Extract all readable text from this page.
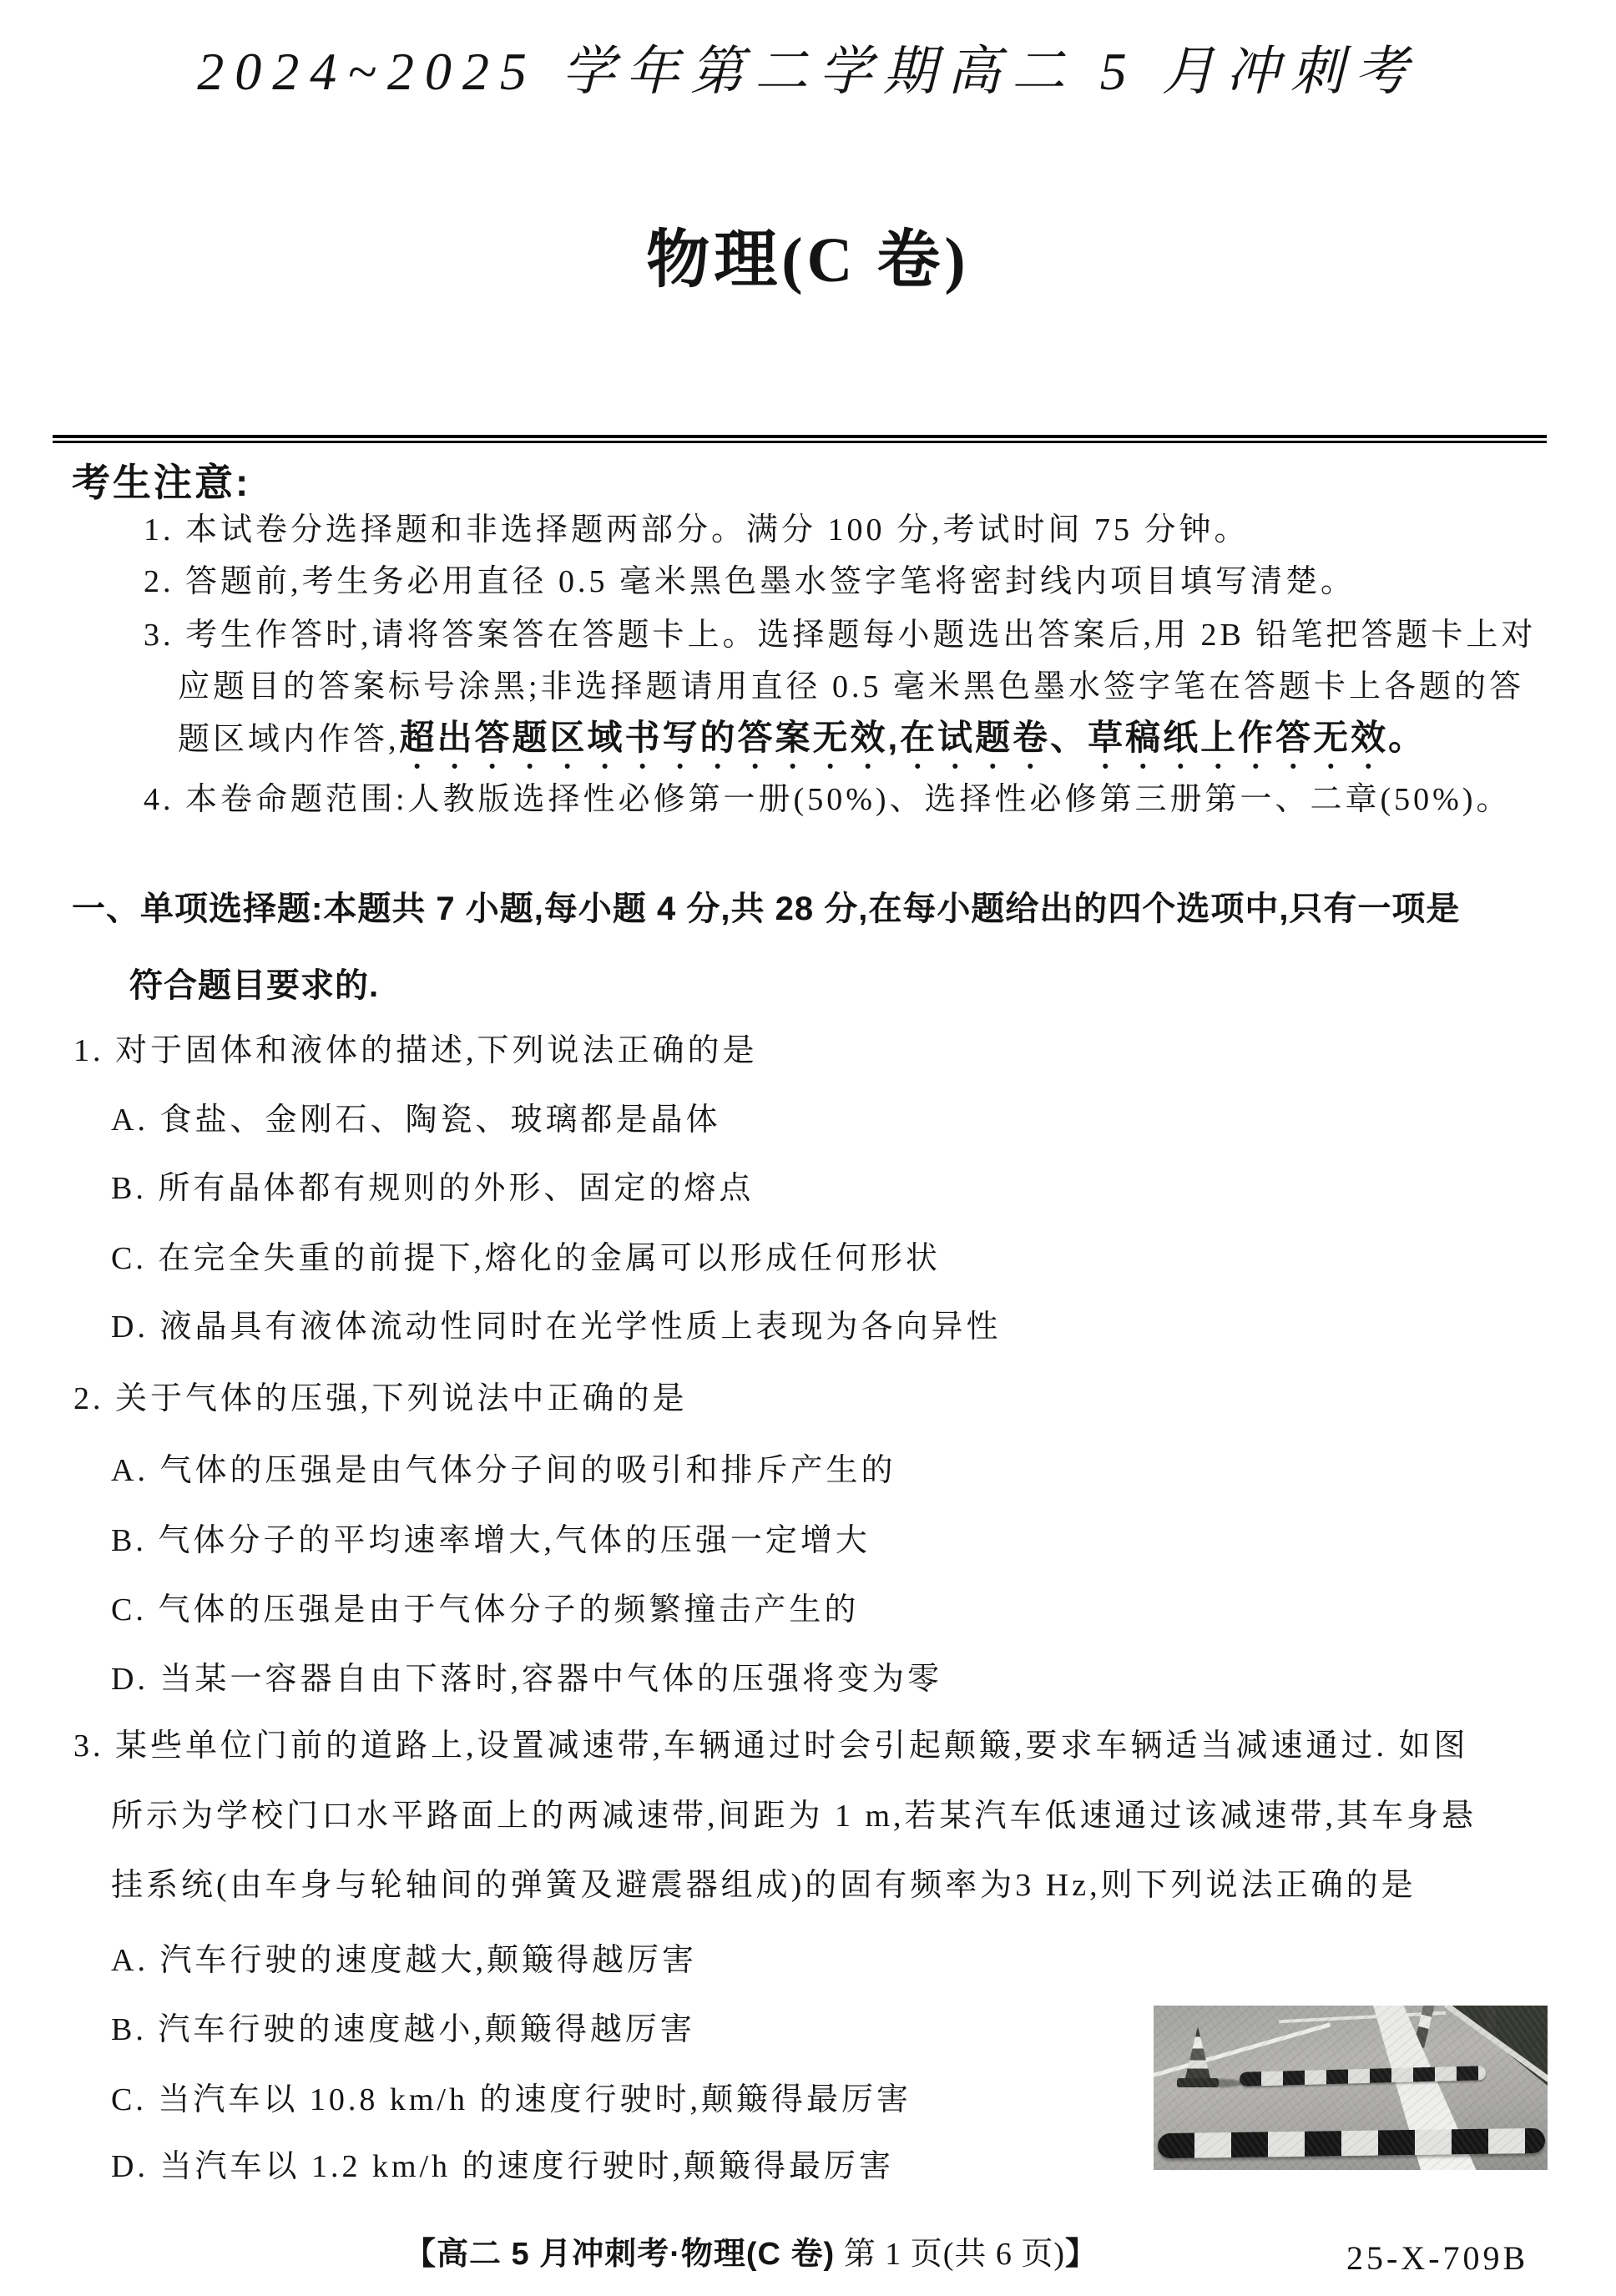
2024~2025 学年第二学期高二 5 月冲刺考
物理(C 卷)
考生注意:
1. 本试卷分选择题和非选择题两部分。满分 100 分,考试时间 75 分钟。
2. 答题前,考生务必用直径 0.5 毫米黑色墨水签字笔将密封线内项目填写清楚。
3. 考生作答时,请将答案答在答题卡上。选择题每小题选出答案后,用 2B 铅笔把答题卡上对
应题目的答案标号涂黑;非选择题请用直径 0.5 毫米黑色墨水签字笔在答题卡上各题的答
题区域内作答,超出答题区域书写的答案无效,在试题卷、草稿纸上作答无效。
4. 本卷命题范围:人教版选择性必修第一册(50%)、选择性必修第三册第一、二章(50%)。
一、单项选择题:本题共 7 小题,每小题 4 分,共 28 分,在每小题给出的四个选项中,只有一项是
符合题目要求的.
1. 对于固体和液体的描述,下列说法正确的是
A. 食盐、金刚石、陶瓷、玻璃都是晶体
B. 所有晶体都有规则的外形、固定的熔点
C. 在完全失重的前提下,熔化的金属可以形成任何形状
D. 液晶具有液体流动性同时在光学性质上表现为各向异性
2. 关于气体的压强,下列说法中正确的是
A. 气体的压强是由气体分子间的吸引和排斥产生的
B. 气体分子的平均速率增大,气体的压强一定增大
C. 气体的压强是由于气体分子的频繁撞击产生的
D. 当某一容器自由下落时,容器中气体的压强将变为零
3. 某些单位门前的道路上,设置减速带,车辆通过时会引起颠簸,要求车辆适当减速通过. 如图
所示为学校门口水平路面上的两减速带,间距为 1 m,若某汽车低速通过该减速带,其车身悬
挂系统(由车身与轮轴间的弹簧及避震器组成)的固有频率为3 Hz,则下列说法正确的是
A. 汽车行驶的速度越大,颠簸得越厉害
B. 汽车行驶的速度越小,颠簸得越厉害
C. 当汽车以 10.8 km/h 的速度行驶时,颠簸得最厉害
D. 当汽车以 1.2 km/h 的速度行驶时,颠簸得最厉害
【高二 5 月冲刺考·物理(C 卷) 第 1 页(共 6 页)】	25-X-709B
